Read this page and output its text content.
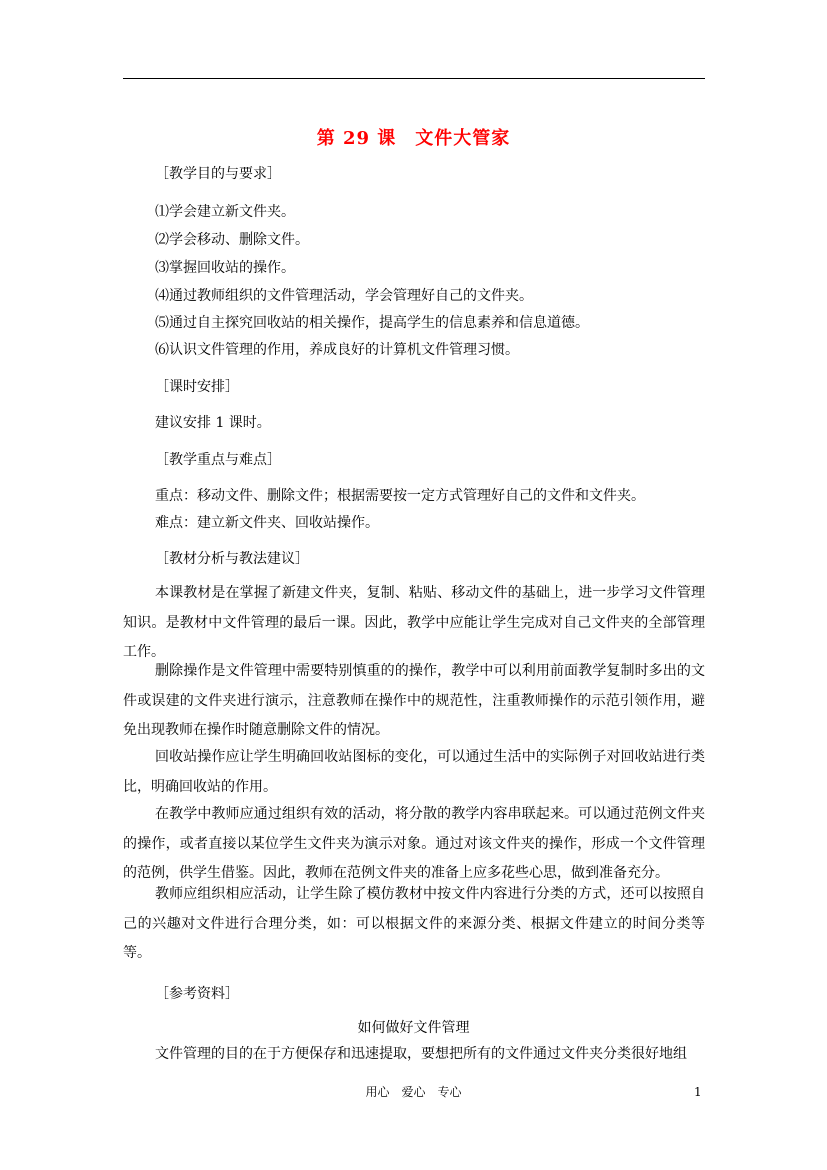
第 29 课　文件大管家
［教学目的与要求］
⑴学会建立新文件夹。
⑵学会移动、删除文件。
⑶掌握回收站的操作。
⑷通过教师组织的文件管理活动，学会管理好自己的文件夹。
⑸通过自主探究回收站的相关操作，提高学生的信息素养和信息道德。
⑹认识文件管理的作用，养成良好的计算机文件管理习惯。
［课时安排］
建议安排 1 课时。
［教学重点与难点］
重点：移动文件、删除文件；根据需要按一定方式管理好自己的文件和文件夹。
难点：建立新文件夹、回收站操作。
［教材分析与教法建议］
本课教材是在掌握了新建文件夹，复制、粘贴、移动文件的基础上，进一步学习文件管理知识。是教材中文件管理的最后一课。因此，教学中应能让学生完成对自己文件夹的全部管理工作。
删除操作是文件管理中需要特别慎重的的操作，教学中可以利用前面教学复制时多出的文件或误建的文件夹进行演示，注意教师在操作中的规范性，注重教师操作的示范引领作用，避免出现教师在操作时随意删除文件的情况。
回收站操作应让学生明确回收站图标的变化，可以通过生活中的实际例子对回收站进行类比，明确回收站的作用。
在教学中教师应通过组织有效的活动，将分散的教学内容串联起来。可以通过范例文件夹的操作，或者直接以某位学生文件夹为演示对象。通过对该文件夹的操作，形成一个文件管理的范例，供学生借鉴。因此，教师在范例文件夹的准备上应多花些心思，做到准备充分。
教师应组织相应活动，让学生除了模仿教材中按文件内容进行分类的方式，还可以按照自己的兴趣对文件进行合理分类，如：可以根据文件的来源分类、根据文件建立的时间分类等等。
［参考资料］
如何做好文件管理
文件管理的目的在于方便保存和迅速提取，要想把所有的文件通过文件夹分类很好地组
用心　爱心　专心	1
